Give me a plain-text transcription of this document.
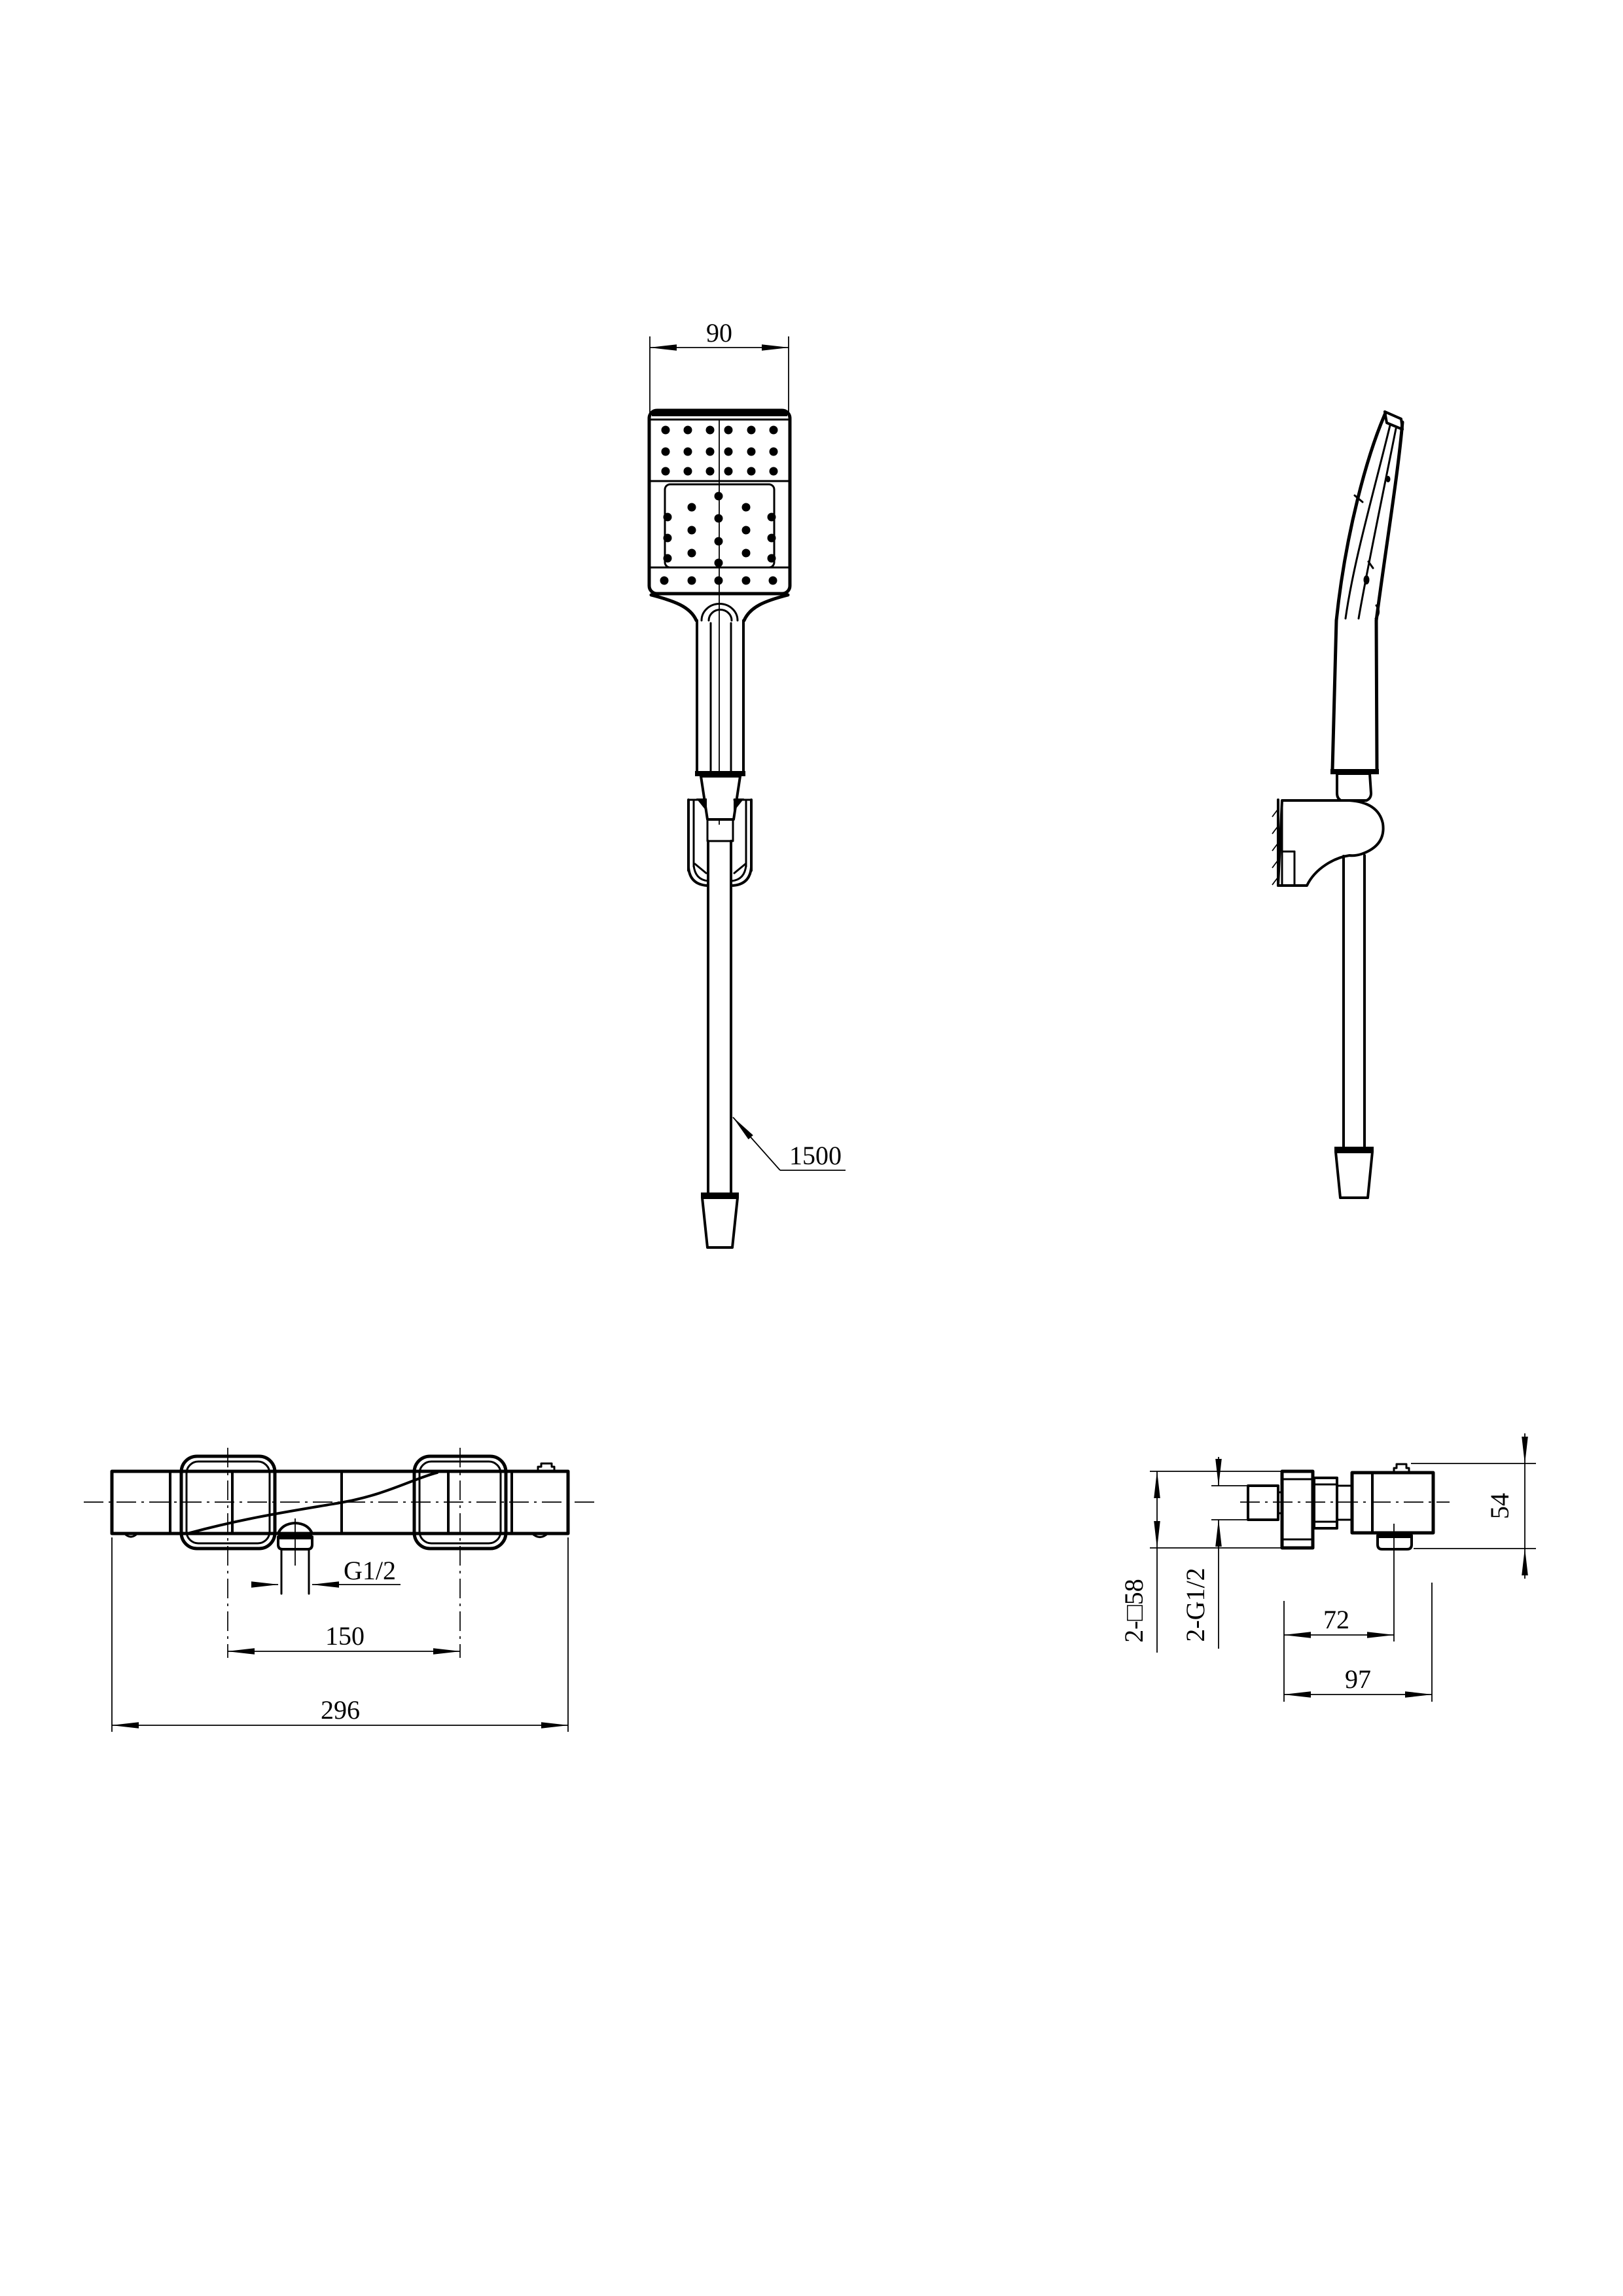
90
1500
G1/2
150
296
54
2-□58 2-G1/2	72
97
